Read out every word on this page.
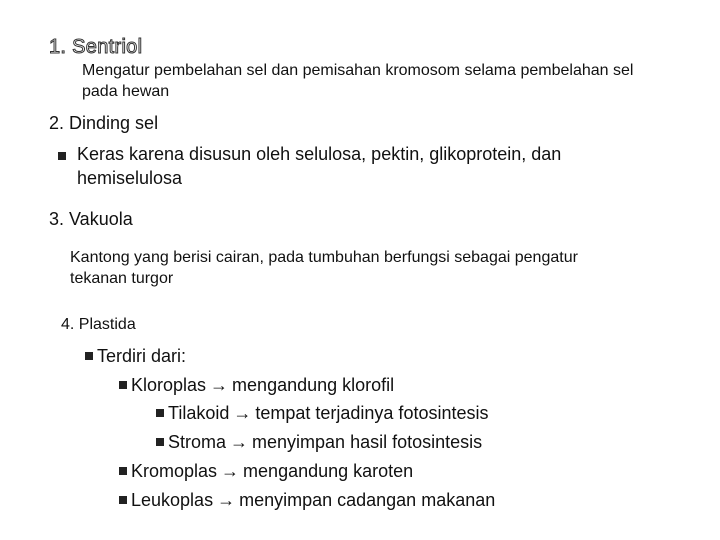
1. Sentriol
Mengatur pembelahan sel dan pemisahan kromosom selama pembelahan sel
pada hewan
2. Dinding sel
Keras karena disusun oleh selulosa, pektin, glikoprotein, dan
hemiselulosa
3. Vakuola
Kantong yang berisi cairan, pada tumbuhan berfungsi sebagai pengatur
tekanan turgor
4. Plastida
Terdiri dari:
Kloroplas → mengandung klorofil
Tilakoid → tempat terjadinya fotosintesis
Stroma → menyimpan hasil fotosintesis
Kromoplas → mengandung karoten
Leukoplas → menyimpan cadangan makanan
